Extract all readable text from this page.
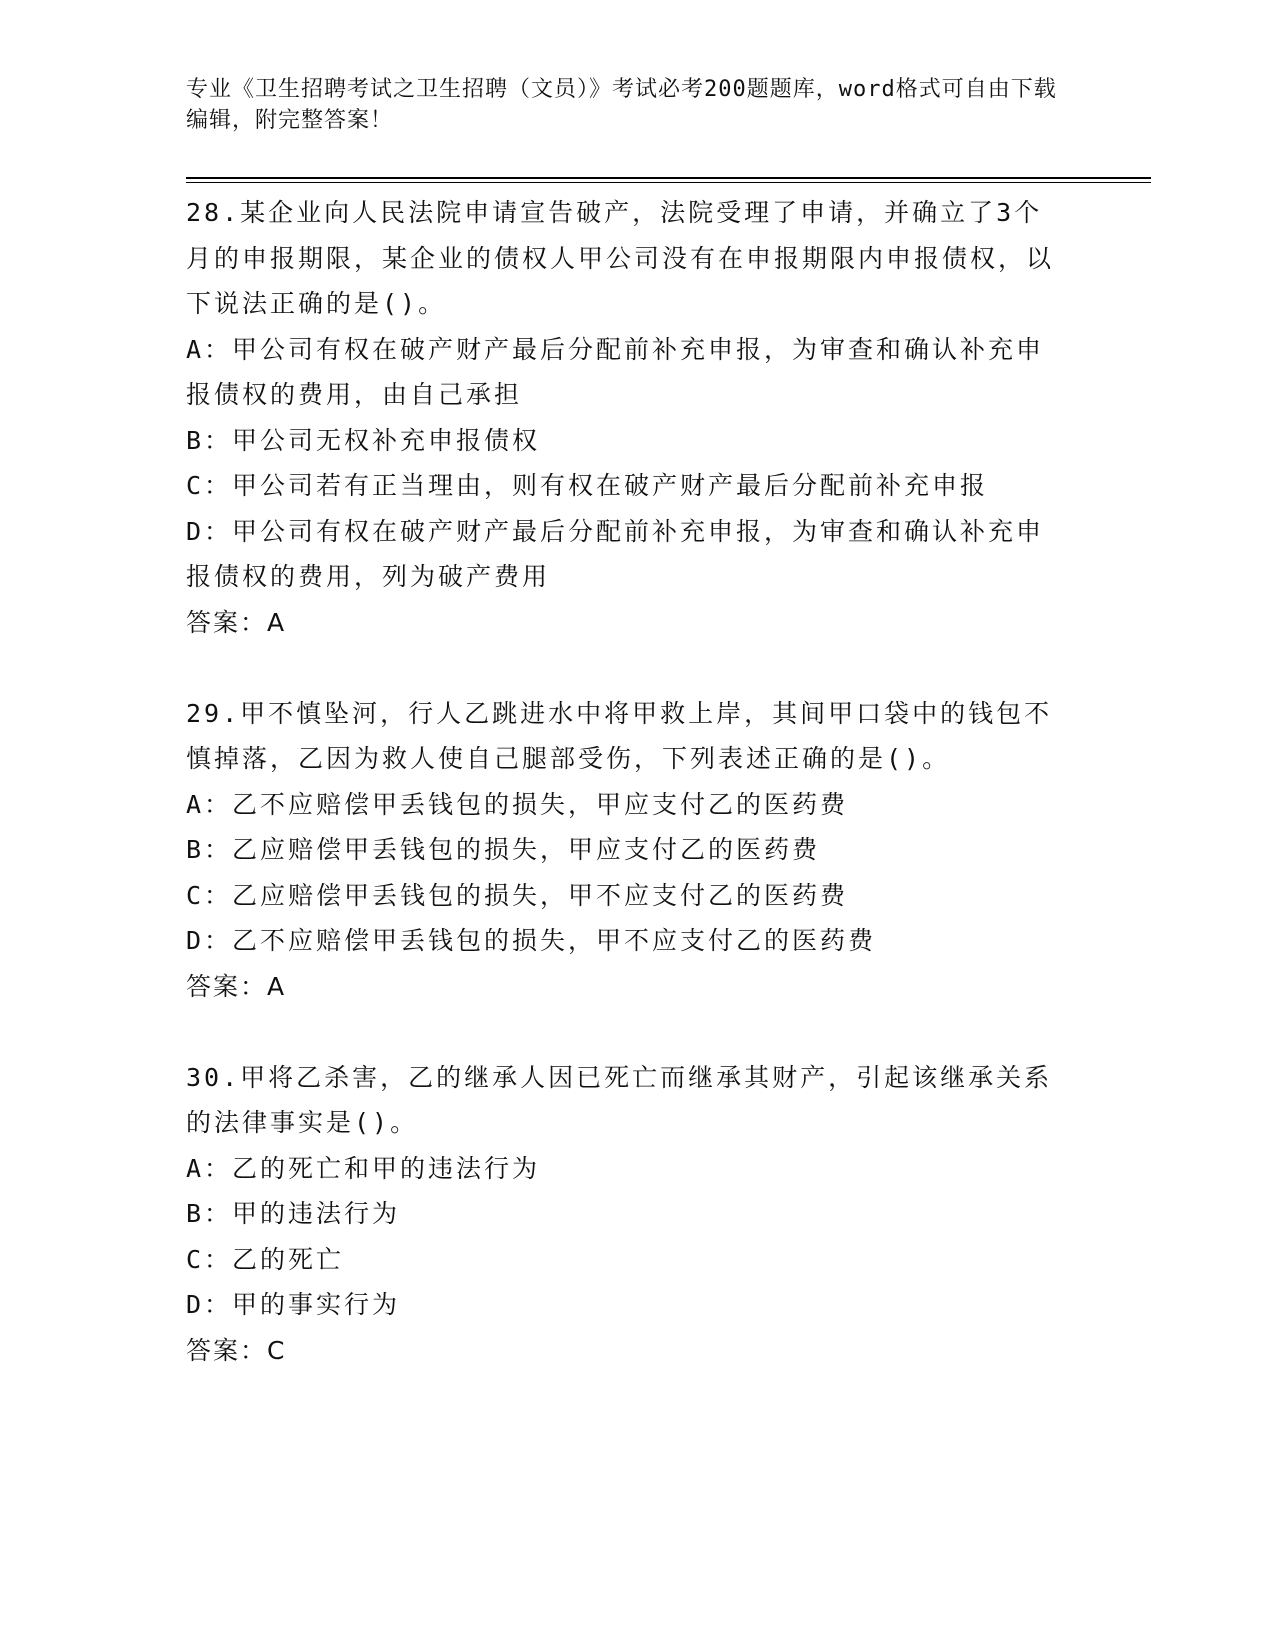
专业《卫生招聘考试之卫生招聘（文员）》考试必考200题题库，word格式可自由下载编辑，附完整答案！

28.某企业向人民法院申请宣告破产，法院受理了申请，并确立了3个月的申报期限，某企业的债权人甲公司没有在申报期限内申报债权，以下说法正确的是()。

A：甲公司有权在破产财产最后分配前补充申报，为审查和确认补充申报债权的费用，由自己承担

B：甲公司无权补充申报债权

C：甲公司若有正当理由，则有权在破产财产最后分配前补充申报

D：甲公司有权在破产财产最后分配前补充申报，为审查和确认补充申报债权的费用，列为破产费用

答案：A

29.甲不慎坠河，行人乙跳进水中将甲救上岸，其间甲口袋中的钱包不慎掉落，乙因为救人使自己腿部受伤，下列表述正确的是()。

A：乙不应赔偿甲丢钱包的损失，甲应支付乙的医药费

B：乙应赔偿甲丢钱包的损失，甲应支付乙的医药费

C：乙应赔偿甲丢钱包的损失，甲不应支付乙的医药费

D：乙不应赔偿甲丢钱包的损失，甲不应支付乙的医药费

答案：A

30.甲将乙杀害，乙的继承人因已死亡而继承其财产，引起该继承关系的法律事实是()。

A：乙的死亡和甲的违法行为

B：甲的违法行为

C：乙的死亡

D：甲的事实行为

答案：C
